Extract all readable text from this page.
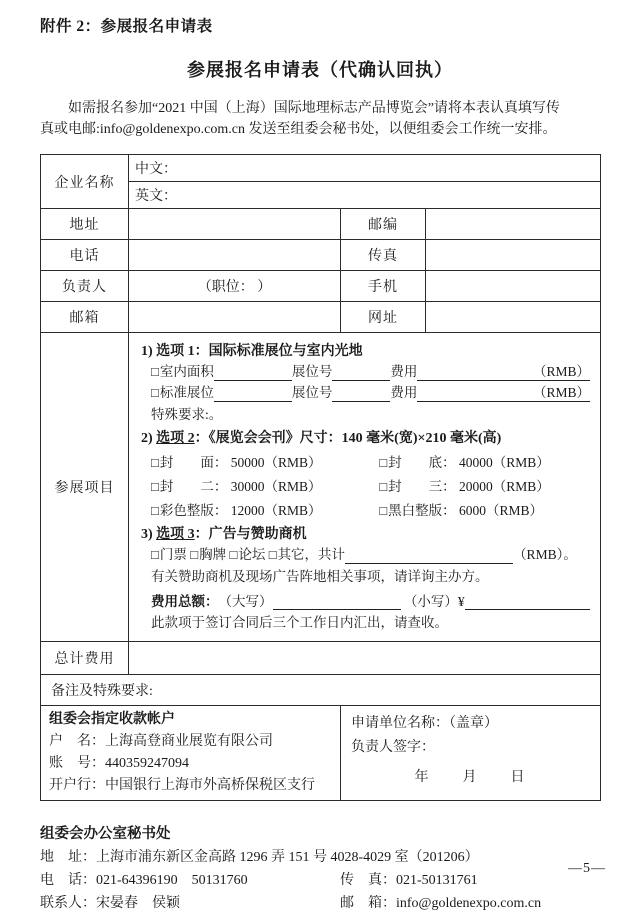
附件 2：参展报名申请表
参展报名申请表（代确认回执）
如需报名参加“2021 中国（上海）国际地理标志产品博览会”请将本表认真填写传
真或电邮:info@goldenexpo.com.cn 发送至组委会秘书处，以便组委会工作统一安排。
企业名称	中文：		
	英文：		
地址		邮编	
电话		传真	
负责人	（职位： ）	手机	
邮箱		网址	
参展项目	
1) 选项 1：国际标准展位与室内光地
□ 室内面积	展位号	费用	（RMB）
□ 标准展位	展位号	费用	（RMB）
特殊要求:。
2) 选项 2：《展览会会刊》尺寸：140 毫米(宽)×210 毫米(高)
□封　　面： 50000（RMB）	□封　　底： 40000（RMB）
□封　　二： 30000（RMB）	□封　　三： 20000（RMB）
□彩色整版： 12000（RMB）	□黑白整版： 6000（RMB）
3) 选项 3：广告与赞助商机
□ 门票
□ 胸牌
□ 论坛
□ 其它，共计	（RMB）。
有关赞助商机及现场广告阵地相关事项，请详询主办方。
费用总额： （大写）
	（小写）¥
此款项于签订合同后三个工作日内汇出，请查收。

总计费用			
备注及特殊要求:			

组委会指定收款帐户
户　名：上海高登商业展览有限公司
账　号：440359247094
开户行：中国银行上海市外高桥保税区支行

申请单位名称：（盖章）
负责人签字：
年　　月　　日
组委会办公室秘书处
地　址：上海市浦东新区金高路 1296 弄 151 号 4028-4029 室（201206）
电　话：021-64396190　50131760	传　真：021-50131761
联系人：宋晏春　侯颖	邮　箱：info@goldenexpo.com.cn
—5—
